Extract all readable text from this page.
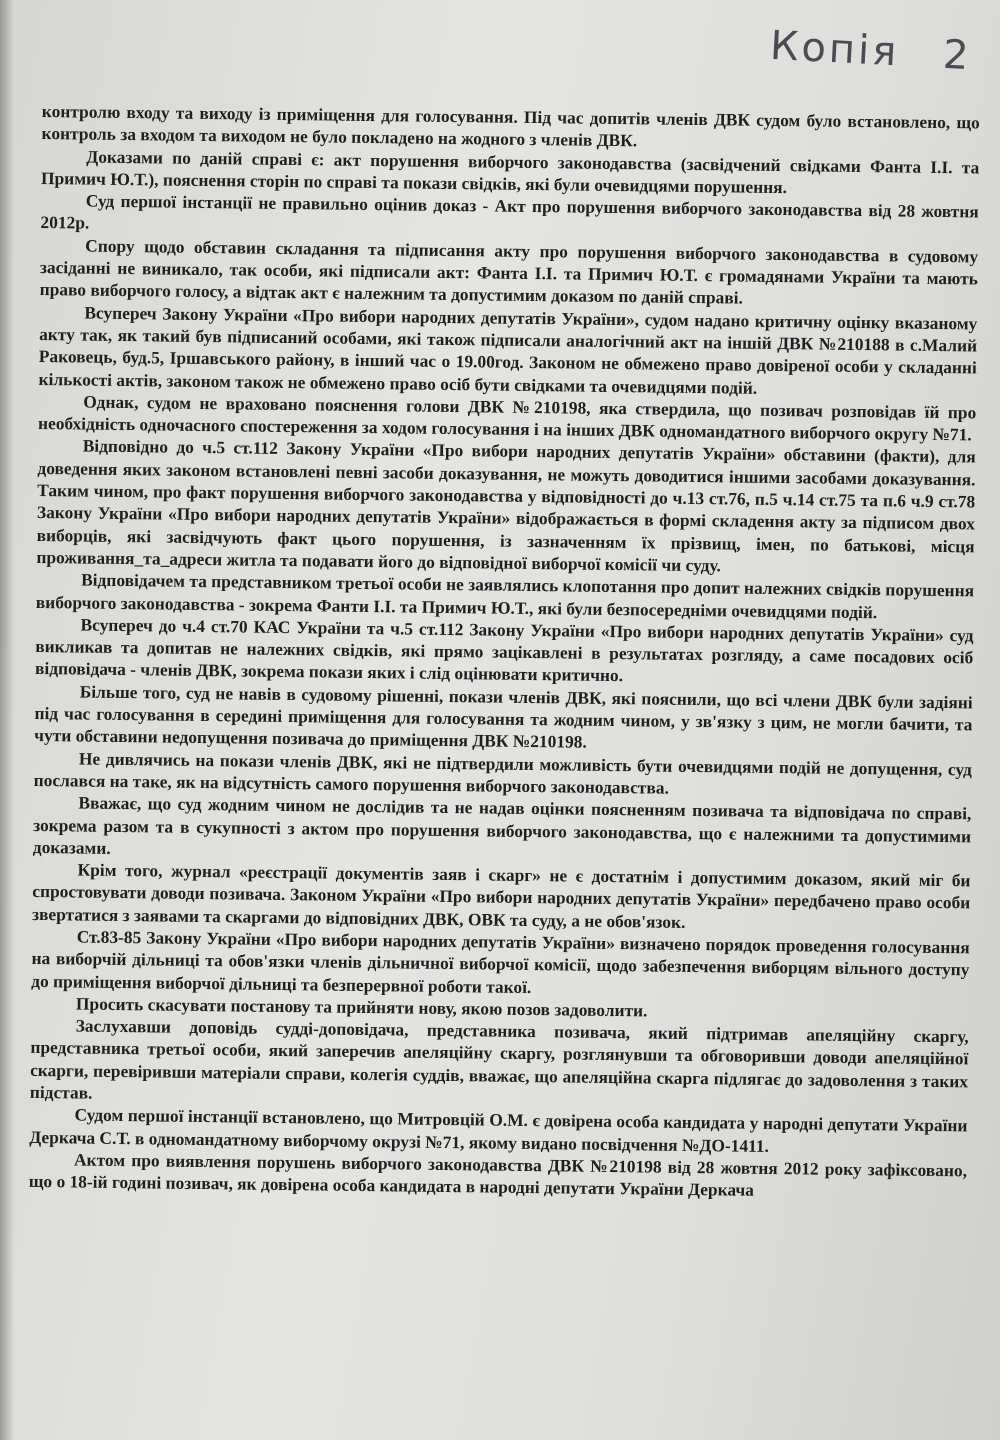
Копія 2

контролю входу та виходу із приміщення для голосування. Під час допитів членів ДВК судом було встановлено, що контроль за входом та виходом не було покладено на жодного з членів ДВК.

Доказами по даній справі є: акт порушення виборчого законодавства (засвідчений свідками Фанта І.І. та Примич Ю.Т.), пояснення сторін по справі та покази свідків, які були очевидцями порушення.

Суд першої інстанції не правильно оцінив доказ - Акт про порушення виборчого законодавства від 28 жовтня 2012р.

Спору щодо обставин складання та підписання акту про порушення виборчого законодавства в судовому засіданні не виникало, так особи, які підписали акт: Фанта І.І. та Примич Ю.Т. є громадянами України та мають право виборчого голосу, а відтак акт є належним та допустимим доказом по даній справі.

Всупереч Закону України «Про вибори народних депутатів України», судом надано критичну оцінку вказаному акту так, як такий був підписаний особами, які також підписали аналогічний акт на іншій ДВК №210188 в с.Малий Раковець, буд.5, Іршавського району, в інший час о 19.00год. Законом не обмежено право довіреної особи у складанні кількості актів, законом також не обмежено право осіб бути свідками та очевидцями подій.

Однак, судом не враховано пояснення голови ДВК №210198, яка ствердила, що позивач розповідав їй про необхідність одночасного спостереження за ходом голосування і на інших ДВК одномандатного виборчого округу №71.

Відповідно до ч.5 ст.112 Закону України «Про вибори народних депутатів України» обставини (факти), для доведення яких законом встановлені певні засоби доказування, не можуть доводитися іншими засобами доказування. Таким чином, про факт порушення виборчого законодавства у відповідності до ч.13 ст.76, п.5 ч.14 ст.75 та п.6 ч.9 ст.78 Закону України «Про вибори народних депутатів України» відображається в формі складення акту за підписом двох виборців, які засвідчують факт цього порушення, із зазначенням їх прізвищ, імен, по батькові, місця проживання_та_адреси житла та подавати його до відповідної виборчої комісії чи суду.

Відповідачем та представником третьої особи не заявлялись клопотання про допит належних свідків порушення виборчого законодавства - зокрема Фанти І.І. та Примич Ю.Т., які були безпосередніми очевидцями подій.

Всупереч до ч.4 ст.70 КАС України та ч.5 ст.112 Закону України «Про вибори народних депутатів України» суд викликав та допитав не належних свідків, які прямо зацікавлені в результатах розгляду, а саме посадових осіб відповідача - членів ДВК, зокрема покази яких і слід оцінювати критично.

Більше того, суд не навів в судовому рішенні, покази членів ДВК, які пояснили, що всі члени ДВК були задіяні під час голосування в середині приміщення для голосування та жодним чином, у зв'язку з цим, не могли бачити, та чути обставини недопущення позивача до приміщення ДВК №210198.

Не дивлячись на покази членів ДВК, які не підтвердили можливість бути очевидцями подій не допущення, суд послався на таке, як на відсутність самого порушення виборчого законодавства.

Вважає, що суд жодним чином не дослідив та не надав оцінки поясненням позивача та відповідача по справі, зокрема разом та в сукупності з актом про порушення виборчого законодавства, що є належними та допустимими доказами.

Крім того, журнал «реєстрації документів заяв і скарг» не є достатнім і допустимим доказом, який міг би спростовувати доводи позивача. Законом України «Про вибори народних депутатів України» передбачено право особи звертатися з заявами та скаргами до відповідних ДВК, ОВК та суду, а не обов'язок.

Ст.83-85 Закону України «Про вибори народних депутатів України» визначено порядок проведення голосування на виборчій дільниці та обов'язки членів дільничної виборчої комісії, щодо забезпечення виборцям вільного доступу до приміщення виборчої дільниці та безперервної роботи такої.

Просить скасувати постанову та прийняти нову, якою позов задоволити.

Заслухавши доповідь судді-доповідача, представника позивача, який підтримав апеляційну скаргу, представника третьої особи, який заперечив апеляційну скаргу, розглянувши та обговоривши доводи апеляційної скарги, перевіривши матеріали справи, колегія суддів, вважає, що апеляційна скарга підлягає до задоволення з таких підстав.

Судом першої інстанції встановлено, що Митровцій О.М. є довірена особа кандидата у народні депутати України Деркача С.Т. в одномандатному виборчому окрузі №71, якому видано посвідчення №ДО-1411.

Актом про виявлення порушень виборчого законодавства ДВК №210198 від 28 жовтня 2012 року зафіксовано, що о 18-ій годині позивач, як довірена особа кандидата в народні депутати України Деркача
